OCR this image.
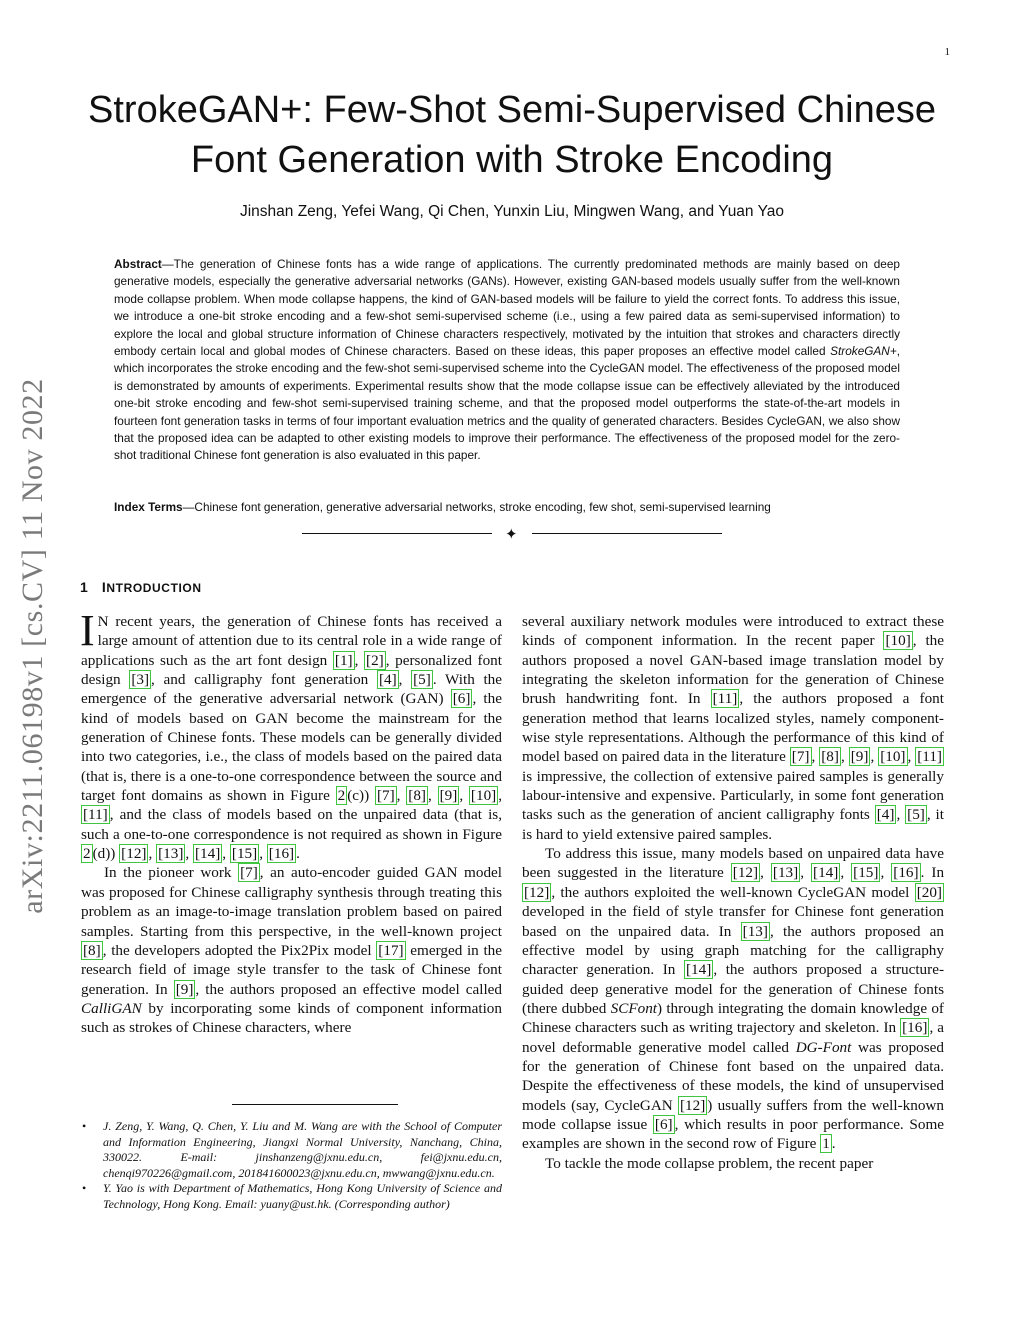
1
arXiv:2211.06198v1 [cs.CV] 11 Nov 2022
StrokeGAN+: Few-Shot Semi-Supervised Chinese Font Generation with Stroke Encoding
Jinshan Zeng, Yefei Wang, Qi Chen, Yunxin Liu, Mingwen Wang, and Yuan Yao

Abstract—The generation of Chinese fonts has a wide range of applications. The currently predominated methods are mainly based on deep generative models, especially the generative adversarial networks (GANs). However, existing GAN-based models usually suffer from the well-known mode collapse problem. When mode collapse happens, the kind of GAN-based models will be failure to yield the correct fonts. To address this issue, we introduce a one-bit stroke encoding and a few-shot semi-supervised scheme (i.e., using a few paired data as semi-supervised information) to explore the local and global structure information of Chinese characters respectively, motivated by the intuition that strokes and characters directly embody certain local and global modes of Chinese characters. Based on these ideas, this paper proposes an effective model called StrokeGAN+, which incorporates the stroke encoding and the few-shot semi-supervised scheme into the CycleGAN model. The effectiveness of the proposed model is demonstrated by amounts of experiments. Experimental results show that the mode collapse issue can be effectively alleviated by the introduced one-bit stroke encoding and few-shot semi-supervised training scheme, and that the proposed model outperforms the state-of-the-art models in fourteen font generation tasks in terms of four important evaluation metrics and the quality of generated characters. Besides CycleGAN, we also show that the proposed idea can be adapted to other existing models to improve their performance. The effectiveness of the proposed model for the zero-shot traditional Chinese font generation is also evaluated in this paper.

Index Terms—Chinese font generation, generative adversarial networks, stroke encoding, few shot, semi-supervised learning

✦
1 INTRODUCTION

I N recent years, the generation of Chinese fonts has received a large amount of attention due to its central role in a wide range of applications such as the art font design [1] , [2] , personalized font design [3] , and calligraphy font generation [4] , [5] . With the emergence of the generative adversarial network (GAN) [6] , the kind of models based on GAN become the mainstream for the generation of Chinese fonts. These models can be generally divided into two categories, i.e., the class of models based on the paired data (that is, there is a one-to-one correspondence between the source and target font domains as shown in Figure 2 (c)) [7] , [8] , [9] , [10] , [11] , and the class of models based on the unpaired data (that is, such a one-to-one correspondence is not required as shown in Figure 2 (d)) [12] , [13] , [14] , [15] , [16] .

In the pioneer work [7] , an auto-encoder guided GAN model was proposed for Chinese calligraphy synthesis through treating this problem as an image-to-image translation problem based on paired samples. Starting from this perspective, in the well-known project [8] , the developers adopted the Pix2Pix model [17] emerged in the research field of image style transfer to the task of Chinese font generation. In [9] , the authors proposed an effective model called CalliGAN by incorporating some kinds of component information such as strokes of Chinese characters, where

several auxiliary network modules were introduced to extract these kinds of component information. In the recent paper [10] , the authors proposed a novel GAN-based image translation model by integrating the skeleton information for the generation of Chinese brush handwriting font. In [11] , the authors proposed a font generation method that learns localized styles, namely component-wise style representations. Although the performance of this kind of model based on paired data in the literature [7] , [8] , [9] , [10] , [11] is impressive, the collection of extensive paired samples is generally labour-intensive and expensive. Particularly, in some font generation tasks such as the generation of ancient calligraphy fonts [4] , [5] , it is hard to yield extensive paired samples.

To address this issue, many models based on unpaired data have been suggested in the literature [12] , [13] , [14] , [15] , [16] . In [12] , the authors exploited the well-known CycleGAN model [20] developed in the field of style transfer for Chinese font generation based on the unpaired data. In [13] , the authors proposed an effective model by using graph matching for the calligraphy character generation. In [14] , the authors proposed a structure-guided deep generative model for the generation of Chinese fonts (there dubbed SCFont) through integrating the domain knowledge of Chinese characters such as writing trajectory and skeleton. In [16] , a novel deformable generative model called DG-Font was proposed for the generation of Chinese font based on the unpaired data. Despite the effectiveness of these models, the kind of unsupervised models (say, CycleGAN [12] ) usually suffers from the well-known mode collapse issue [6] , which results in poor performance. Some examples are shown in the second row of Figure 1 .

To tackle the mode collapse problem, the recent paper

• J. Zeng, Y. Wang, Q. Chen, Y. Liu and M. Wang are with the School of Computer and Information Engineering, Jiangxi Normal University, Nanchang, China, 330022. E-mail: jinshanzeng@jxnu.edu.cn, fei@jxnu.edu.cn, chenqi970226@gmail.com, 201841600023@jxnu.edu.cn, mwwang@jxnu.edu.cn.
• Y. Yao is with Department of Mathematics, Hong Kong University of Science and Technology, Hong Kong. Email: yuany@ust.hk. (Corresponding author)
